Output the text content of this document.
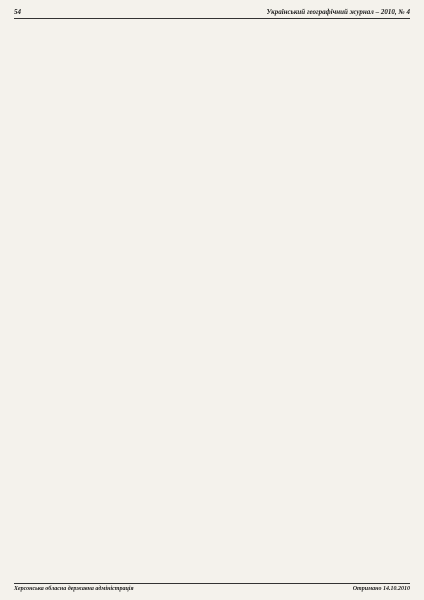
54	Український географічний журнал – 2010, № 4
Херсонська обласна державна адміністрація	Отримано 14.10.2010
